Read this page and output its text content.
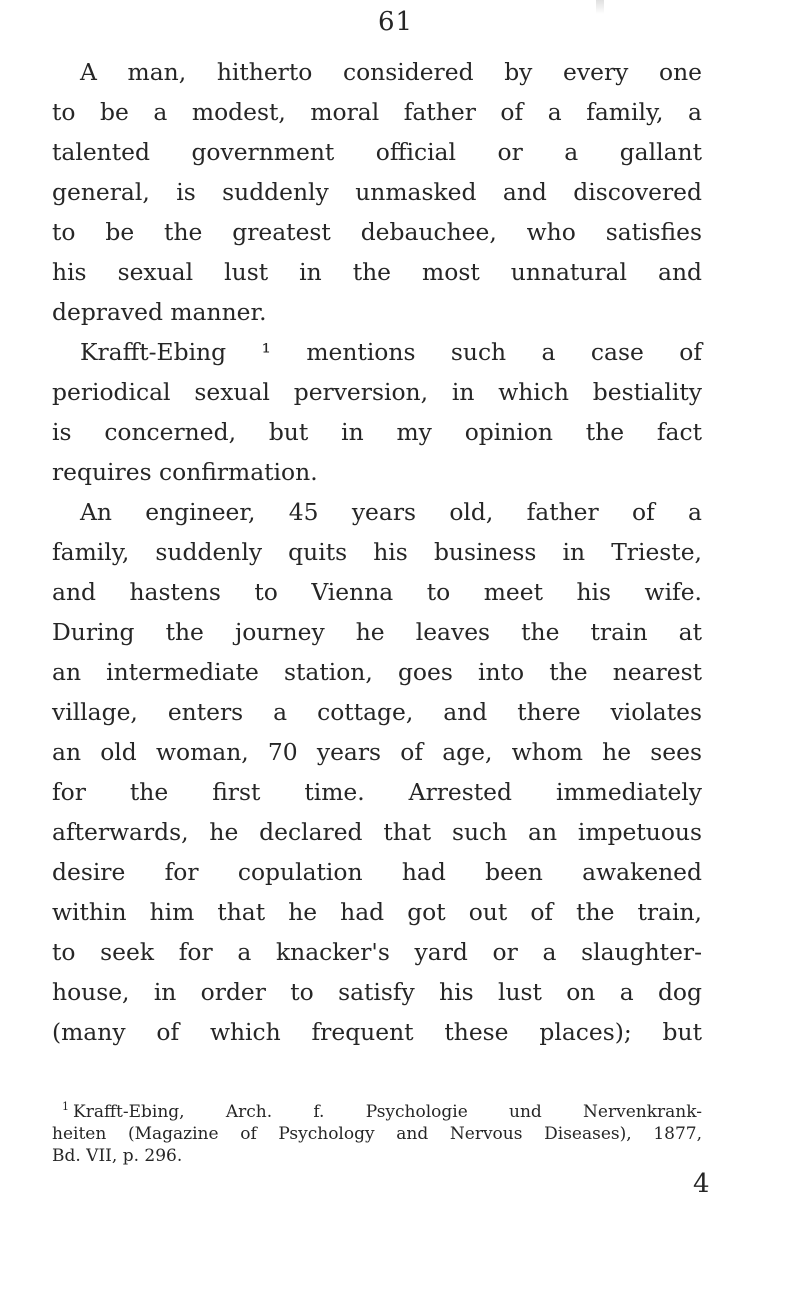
61
A man, hitherto considered by every one
to be a modest, moral father of a family, a
talented government official or a gallant
general, is suddenly unmasked and discovered
to be the greatest debauchee, who satisfies
his sexual lust in the most unnatural and
depraved manner.
Krafft-Ebing ¹ mentions such a case of
periodical sexual perversion, in which bestiality
is concerned, but in my opinion the fact
requires confirmation.
An engineer, 45 years old, father of a
family, suddenly quits his business in Trieste,
and hastens to Vienna to meet his wife.
During the journey he leaves the train at
an intermediate station, goes into the nearest
village, enters a cottage, and there violates
an old woman, 70 years of age, whom he sees
for the first time. Arrested immediately
afterwards, he declared that such an impetuous
desire for copulation had been awakened
within him that he had got out of the train,
to seek for a knacker's yard or a slaughter-
house, in order to satisfy his lust on a dog
(many of which frequent these places); but
$^1$ Krafft-Ebing, Arch. f. Psychologie und Nervenkrank-
heiten (Magazine of Psychology and Nervous Diseases), 1877,
Bd. VII, p. 296.
4
